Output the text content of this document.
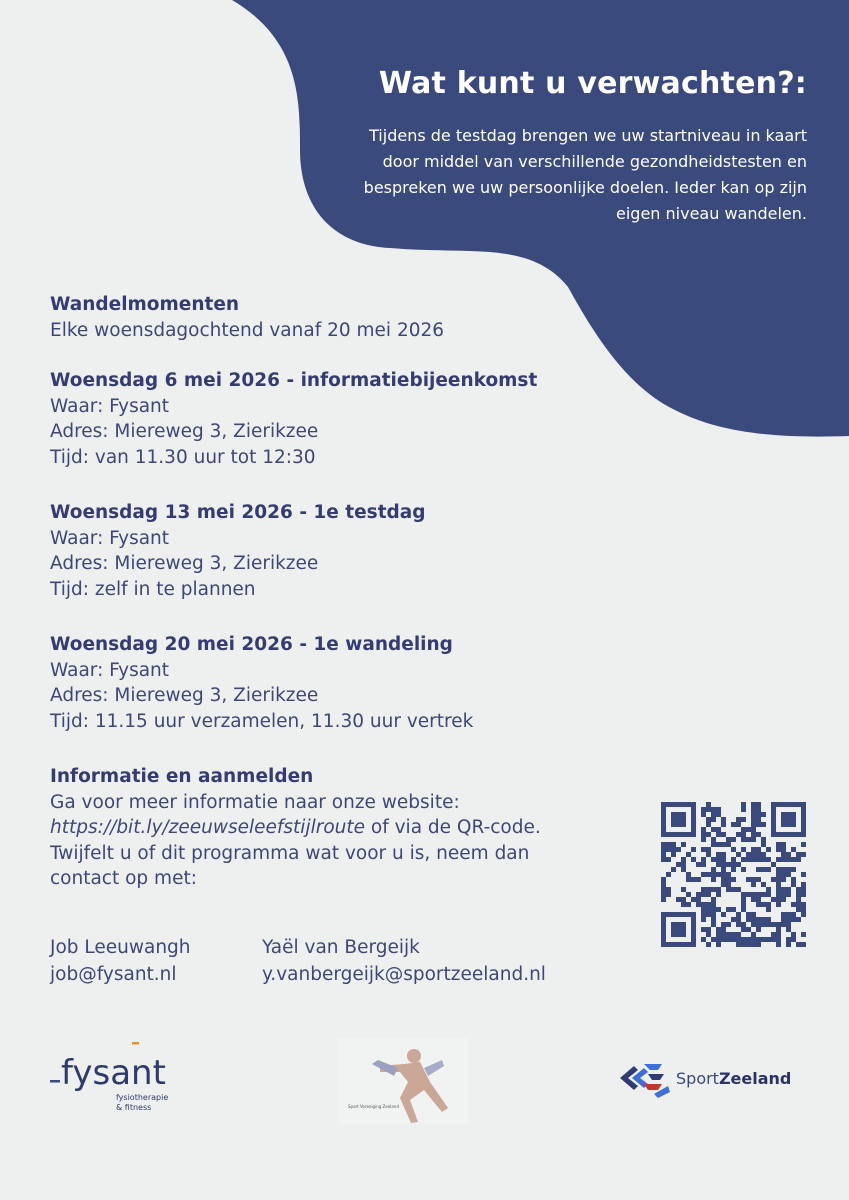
Wat kunt u verwachten?:

Tijdens de testdag brengen we uw startniveau in kaart
door middel van verschillende gezondheidstesten en
bespreken we uw persoonlijke doelen. Ieder kan op zijn
eigen niveau wandelen.

Wandelmomenten
Elke woensdagochtend vanaf 20 mei 2026
Woensdag 6 mei 2026 - informatiebijeenkomst
Waar: Fysant
Adres: Miereweg 3, Zierikzee
Tijd: van 11.30 uur tot 12:30
Woensdag 13 mei 2026 - 1e testdag
Waar: Fysant
Adres: Miereweg 3, Zierikzee
Tijd: zelf in te plannen
Woensdag 20 mei 2026 - 1e wandeling
Waar: Fysant
Adres: Miereweg 3, Zierikzee
Tijd: 11.15 uur verzamelen, 11.30 uur vertrek
Informatie en aanmelden
Ga voor meer informatie naar onze website:
https://bit.ly/zeeuwseleefstijlroute of via de QR-code.
Twijfelt u of dit programma wat voor u is, neem dan
contact op met:
Job Leeuwangh
job@fysant.nl
Yaël van Bergeijk
y.vanbergeijk@sportzeeland.nl
fysant
fysiotherapie
& fitness	Sport Vereniging Zeeland
SportZeeland
